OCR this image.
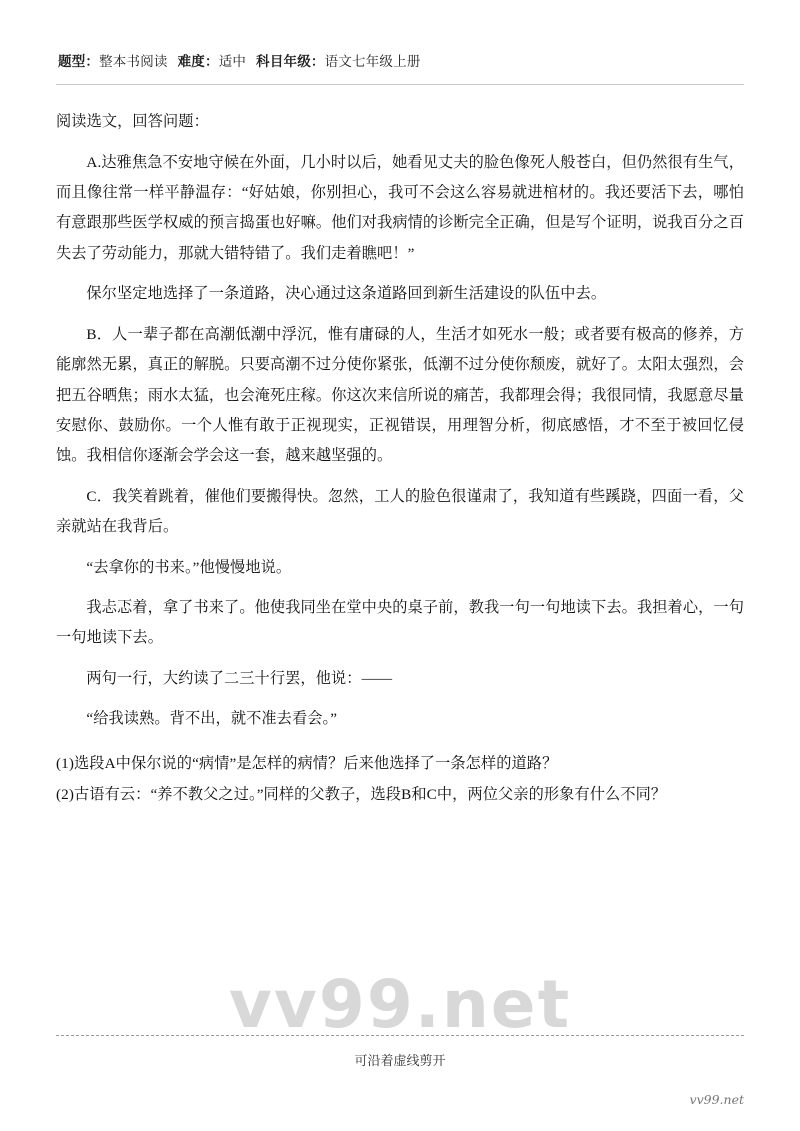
题型：整本书阅读 难度：适中 科目年级：语文七年级上册

阅读选文，回答问题：

A.达雅焦急不安地守候在外面，几小时以后，她看见丈夫的脸色像死人般苍白，但仍然很有生气，而且像往常一样平静温存：“好姑娘，你别担心，我可不会这么容易就进棺材的。我还要活下去，哪怕有意跟那些医学权威的预言捣蛋也好嘛。他们对我病情的诊断完全正确，但是写个证明，说我百分之百失去了劳动能力，那就大错特错了。我们走着瞧吧！”

保尔坚定地选择了一条道路，决心通过这条道路回到新生活建设的队伍中去。

B．人一辈子都在高潮低潮中浮沉，惟有庸碌的人，生活才如死水一般；或者要有极高的修养，方能廓然无累，真正的解脱。只要高潮不过分使你紧张，低潮不过分使你颓废，就好了。太阳太强烈，会把五谷晒焦；雨水太猛，也会淹死庄稼。你这次来信所说的痛苦，我都理会得；我很同情，我愿意尽量安慰你、鼓励你。一个人惟有敢于正视现实，正视错误，用理智分析，彻底感悟，才不至于被回忆侵蚀。我相信你逐渐会学会这一套，越来越坚强的。

C．我笑着跳着，催他们要搬得快。忽然，工人的脸色很谨肃了，我知道有些蹊跷，四面一看，父亲就站在我背后。

“去拿你的书来。”他慢慢地说。

我忐忑着，拿了书来了。他使我同坐在堂中央的桌子前，教我一句一句地读下去。我担着心，一句一句地读下去。

两句一行，大约读了二三十行罢，他说：——

“给我读熟。背不出，就不准去看会。”

(1)选段A中保尔说的“病情”是怎样的病情？后来他选择了一条怎样的道路？

(2)古语有云：“养不教父之过。”同样的父教子，选段B和C中，两位父亲的形象有什么不同？

vv99.net
可沿着虚线剪开
vv99.net
